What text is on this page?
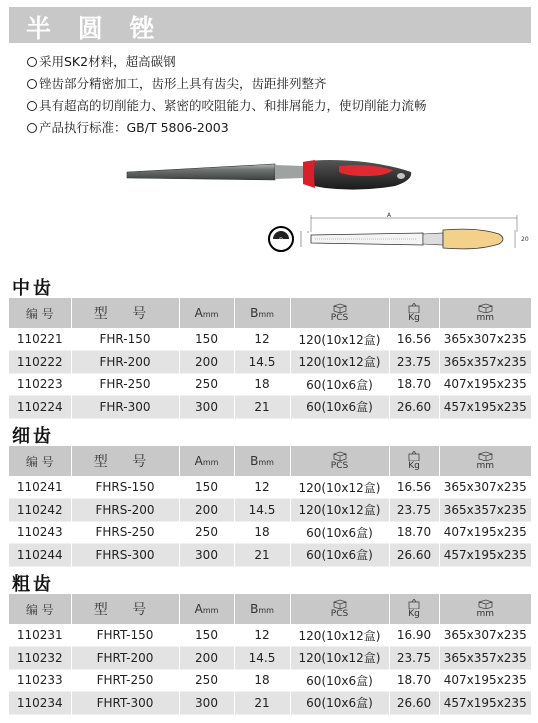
半 圆 锉
采用SK2材料，超高碳钢
锉齿部分精密加工，齿形上具有齿尖，齿距排列整齐
具有超高的切削能力、紧密的咬阻能力、和排屑能力，使切削能力流畅
产品执行标准：GB/T 5806-2003
B
A
20
中齿
编 号	型 号	Amm	Bmm	PCS	Kg	mm

110221	FHR-150	150	12	120(10x12盒)	16.56	365x307x235
110222	FHR-200	200	14.5	120(10x12盒)	23.75	365x357x235
110223	FHR-250	250	18	60(10x6盒)	18.70	407x195x235
110224	FHR-300	300	21	60(10x6盒)	26.60	457x195x235
细齿
编 号	型 号	Amm	Bmm	PCS	Kg	mm

110241	FHRS-150	150	12	120(10x12盒)	16.56	365x307x235
110242	FHRS-200	200	14.5	120(10x12盒)	23.75	365x357x235
110243	FHRS-250	250	18	60(10x6盒)	18.70	407x195x235
110244	FHRS-300	300	21	60(10x6盒)	26.60	457x195x235
粗齿
编 号	型 号	Amm	Bmm	PCS	Kg	mm

110231	FHRT-150	150	12	120(10x12盒)	16.90	365x307x235
110232	FHRT-200	200	14.5	120(10x12盒)	23.75	365x357x235
110233	FHRT-250	250	18	60(10x6盒)	18.70	407x195x235
110234	FHRT-300	300	21	60(10x6盒)	26.60	457x195x235
